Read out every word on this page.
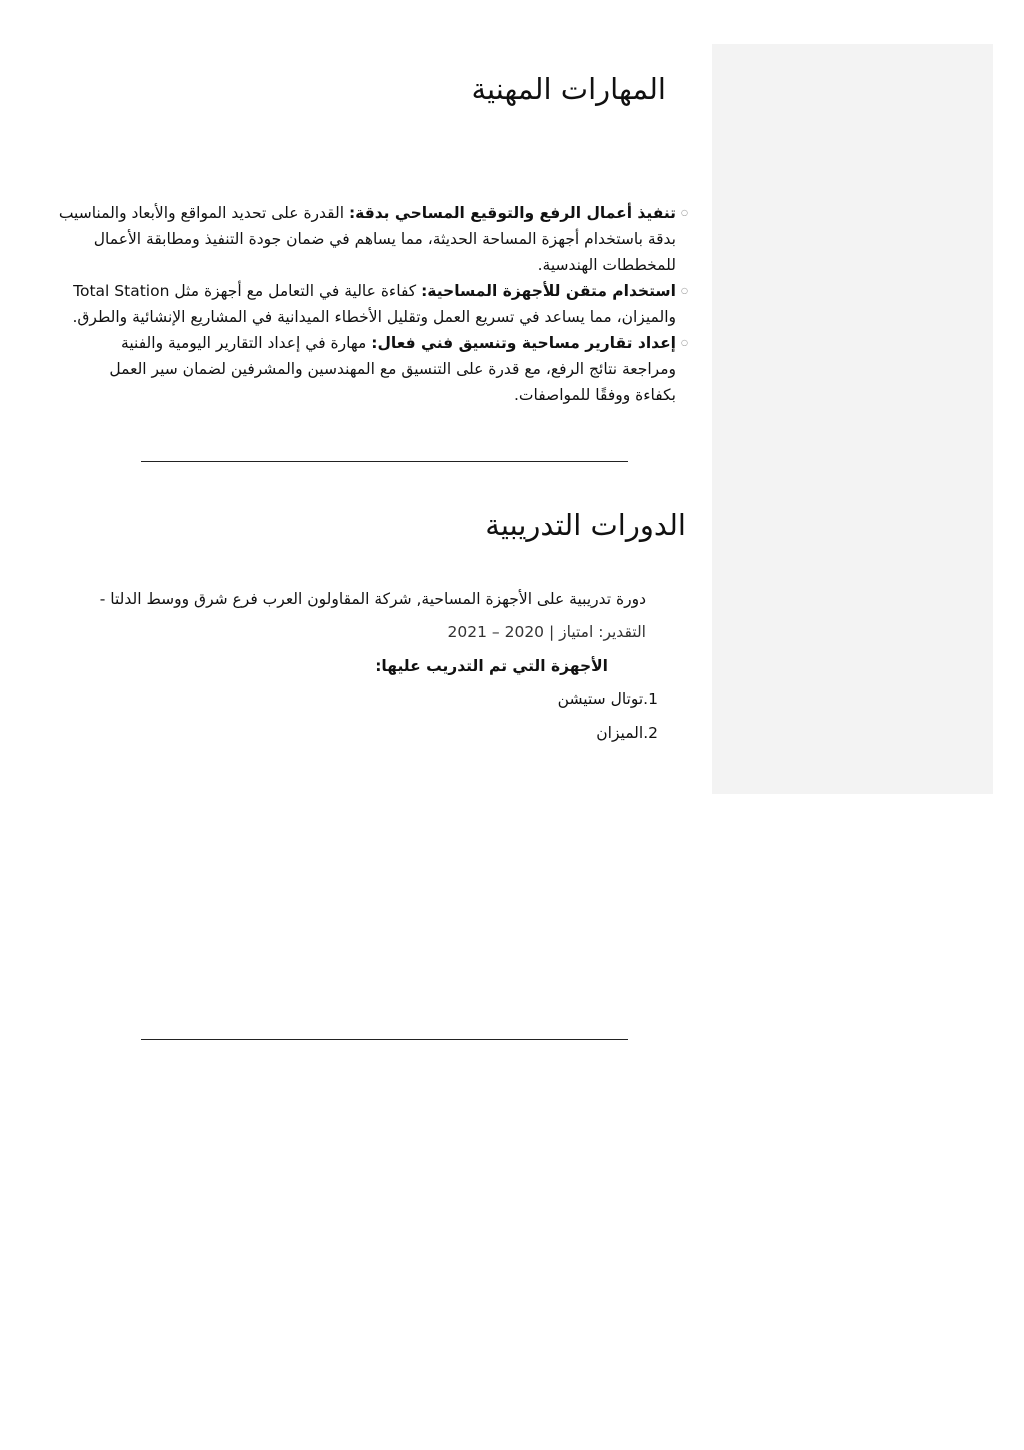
المهارات المهنية
○ تنفيذ أعمال الرفع والتوقيع المساحي بدقة: القدرة على تحديد المواقع والأبعاد والمناسيب بدقة باستخدام أجهزة المساحة الحديثة، مما يساهم في ضمان جودة التنفيذ ومطابقة الأعمال للمخططات الهندسية.
○ استخدام متقن للأجهزة المساحية: كفاءة عالية في التعامل مع أجهزة مثل Total Station والميزان، مما يساعد في تسريع العمل وتقليل الأخطاء الميدانية في المشاريع الإنشائية والطرق.
○ إعداد تقارير مساحية وتنسيق فني فعال: مهارة في إعداد التقارير اليومية والفنية ومراجعة نتائج الرفع، مع قدرة على التنسيق مع المهندسين والمشرفين لضمان سير العمل بكفاءة ووفقًا للمواصفات.
الدورات التدريبية
دورة تدريبية على الأجهزة المساحية, شركة المقاولون العرب فرع شرق ووسط الدلتا -
التقدير: امتياز | 2020 – 2021
الأجهزة التي تم التدريب عليها:
1.توتال ستيشن
2.الميزان
